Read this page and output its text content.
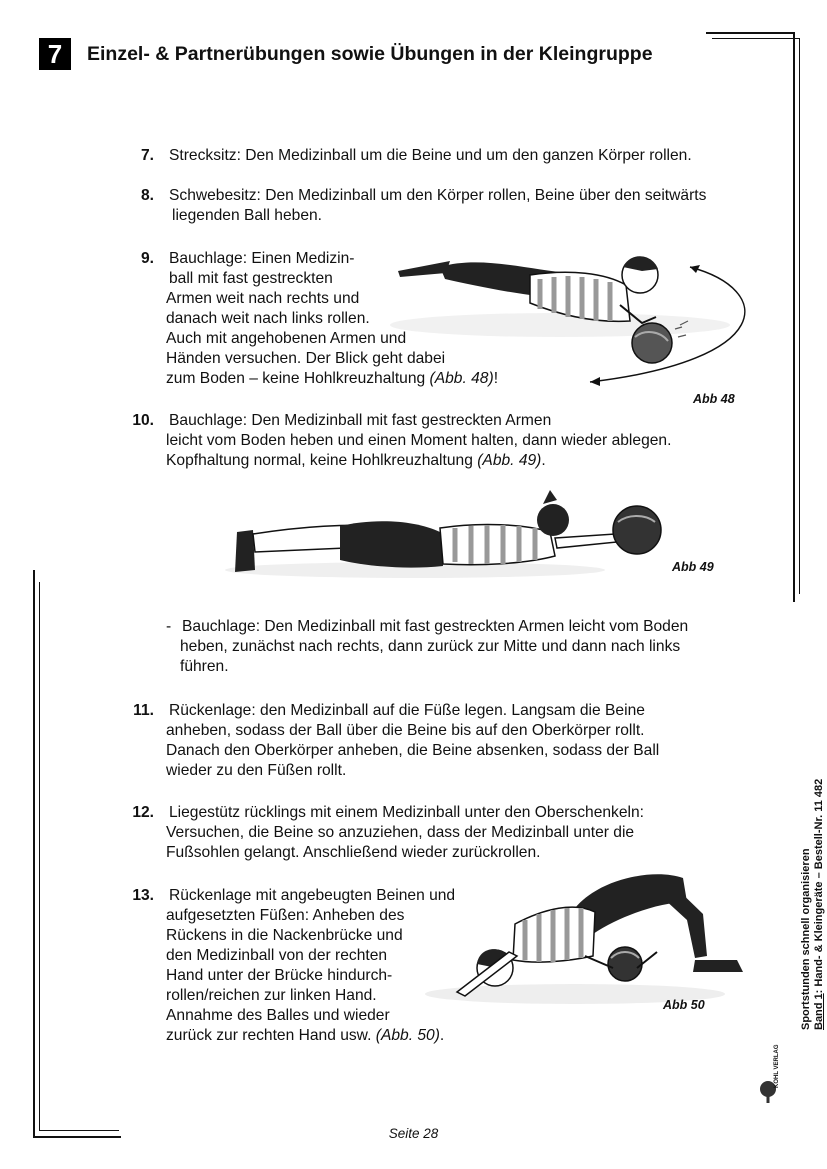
7	Einzel- & Partnerübungen sowie Übungen in der Kleingruppe
7. Strecksitz: Den Medizinball um die Beine und um den ganzen Körper rollen.
8. Schwebesitz: Den Medizinball um den Körper rollen, Beine über den seitwärts
liegenden Ball heben.
9. Bauchlage: Einen Medizin-
ball mit fast gestreckten
Armen weit nach rechts und
danach weit nach links rollen.
Auch mit angehobenen Armen und
Händen versuchen. Der Blick geht dabei
zum Boden – keine Hohlkreuzhaltung (Abb. 48)!
Abb 48
10. Bauchlage: Den Medizinball mit fast gestreckten Armen
leicht vom Boden heben und einen Moment halten, dann wieder ablegen.
Kopfhaltung normal, keine Hohlkreuzhaltung (Abb. 49).
Abb 49
- Bauchlage: Den Medizinball mit fast gestreckten Armen leicht vom Boden
heben, zunächst nach rechts, dann zurück zur Mitte und dann nach links
führen.
11. Rückenlage: den Medizinball auf die Füße legen. Langsam die Beine
anheben, sodass der Ball über die Beine bis auf den Oberkörper rollt.
Danach den Oberkörper anheben, die Beine absenken, sodass der Ball
wieder zu den Füßen rollt.
12. Liegestütz rücklings mit einem Medizinball unter den Oberschenkeln:
Versuchen, die Beine so anzuziehen, dass der Medizinball unter die
Fußsohlen gelangt. Anschließend wieder zurückrollen.
13. Rückenlage mit angebeugten Beinen und
aufgesetzten Füßen: Anheben des
Rückens in die Nackenbrücke und
den Medizinball von der rechten
Hand unter der Brücke hindurch-
rollen/reichen zur linken Hand.
Annahme des Balles und wieder
zurück zur rechten Hand usw. (Abb. 50).
Abb 50	Sportstunden schnell organisieren Band 1: Hand- & Kleingeräte – Bestell-Nr. 11 482
KOHL VERLAG
Seite 28
